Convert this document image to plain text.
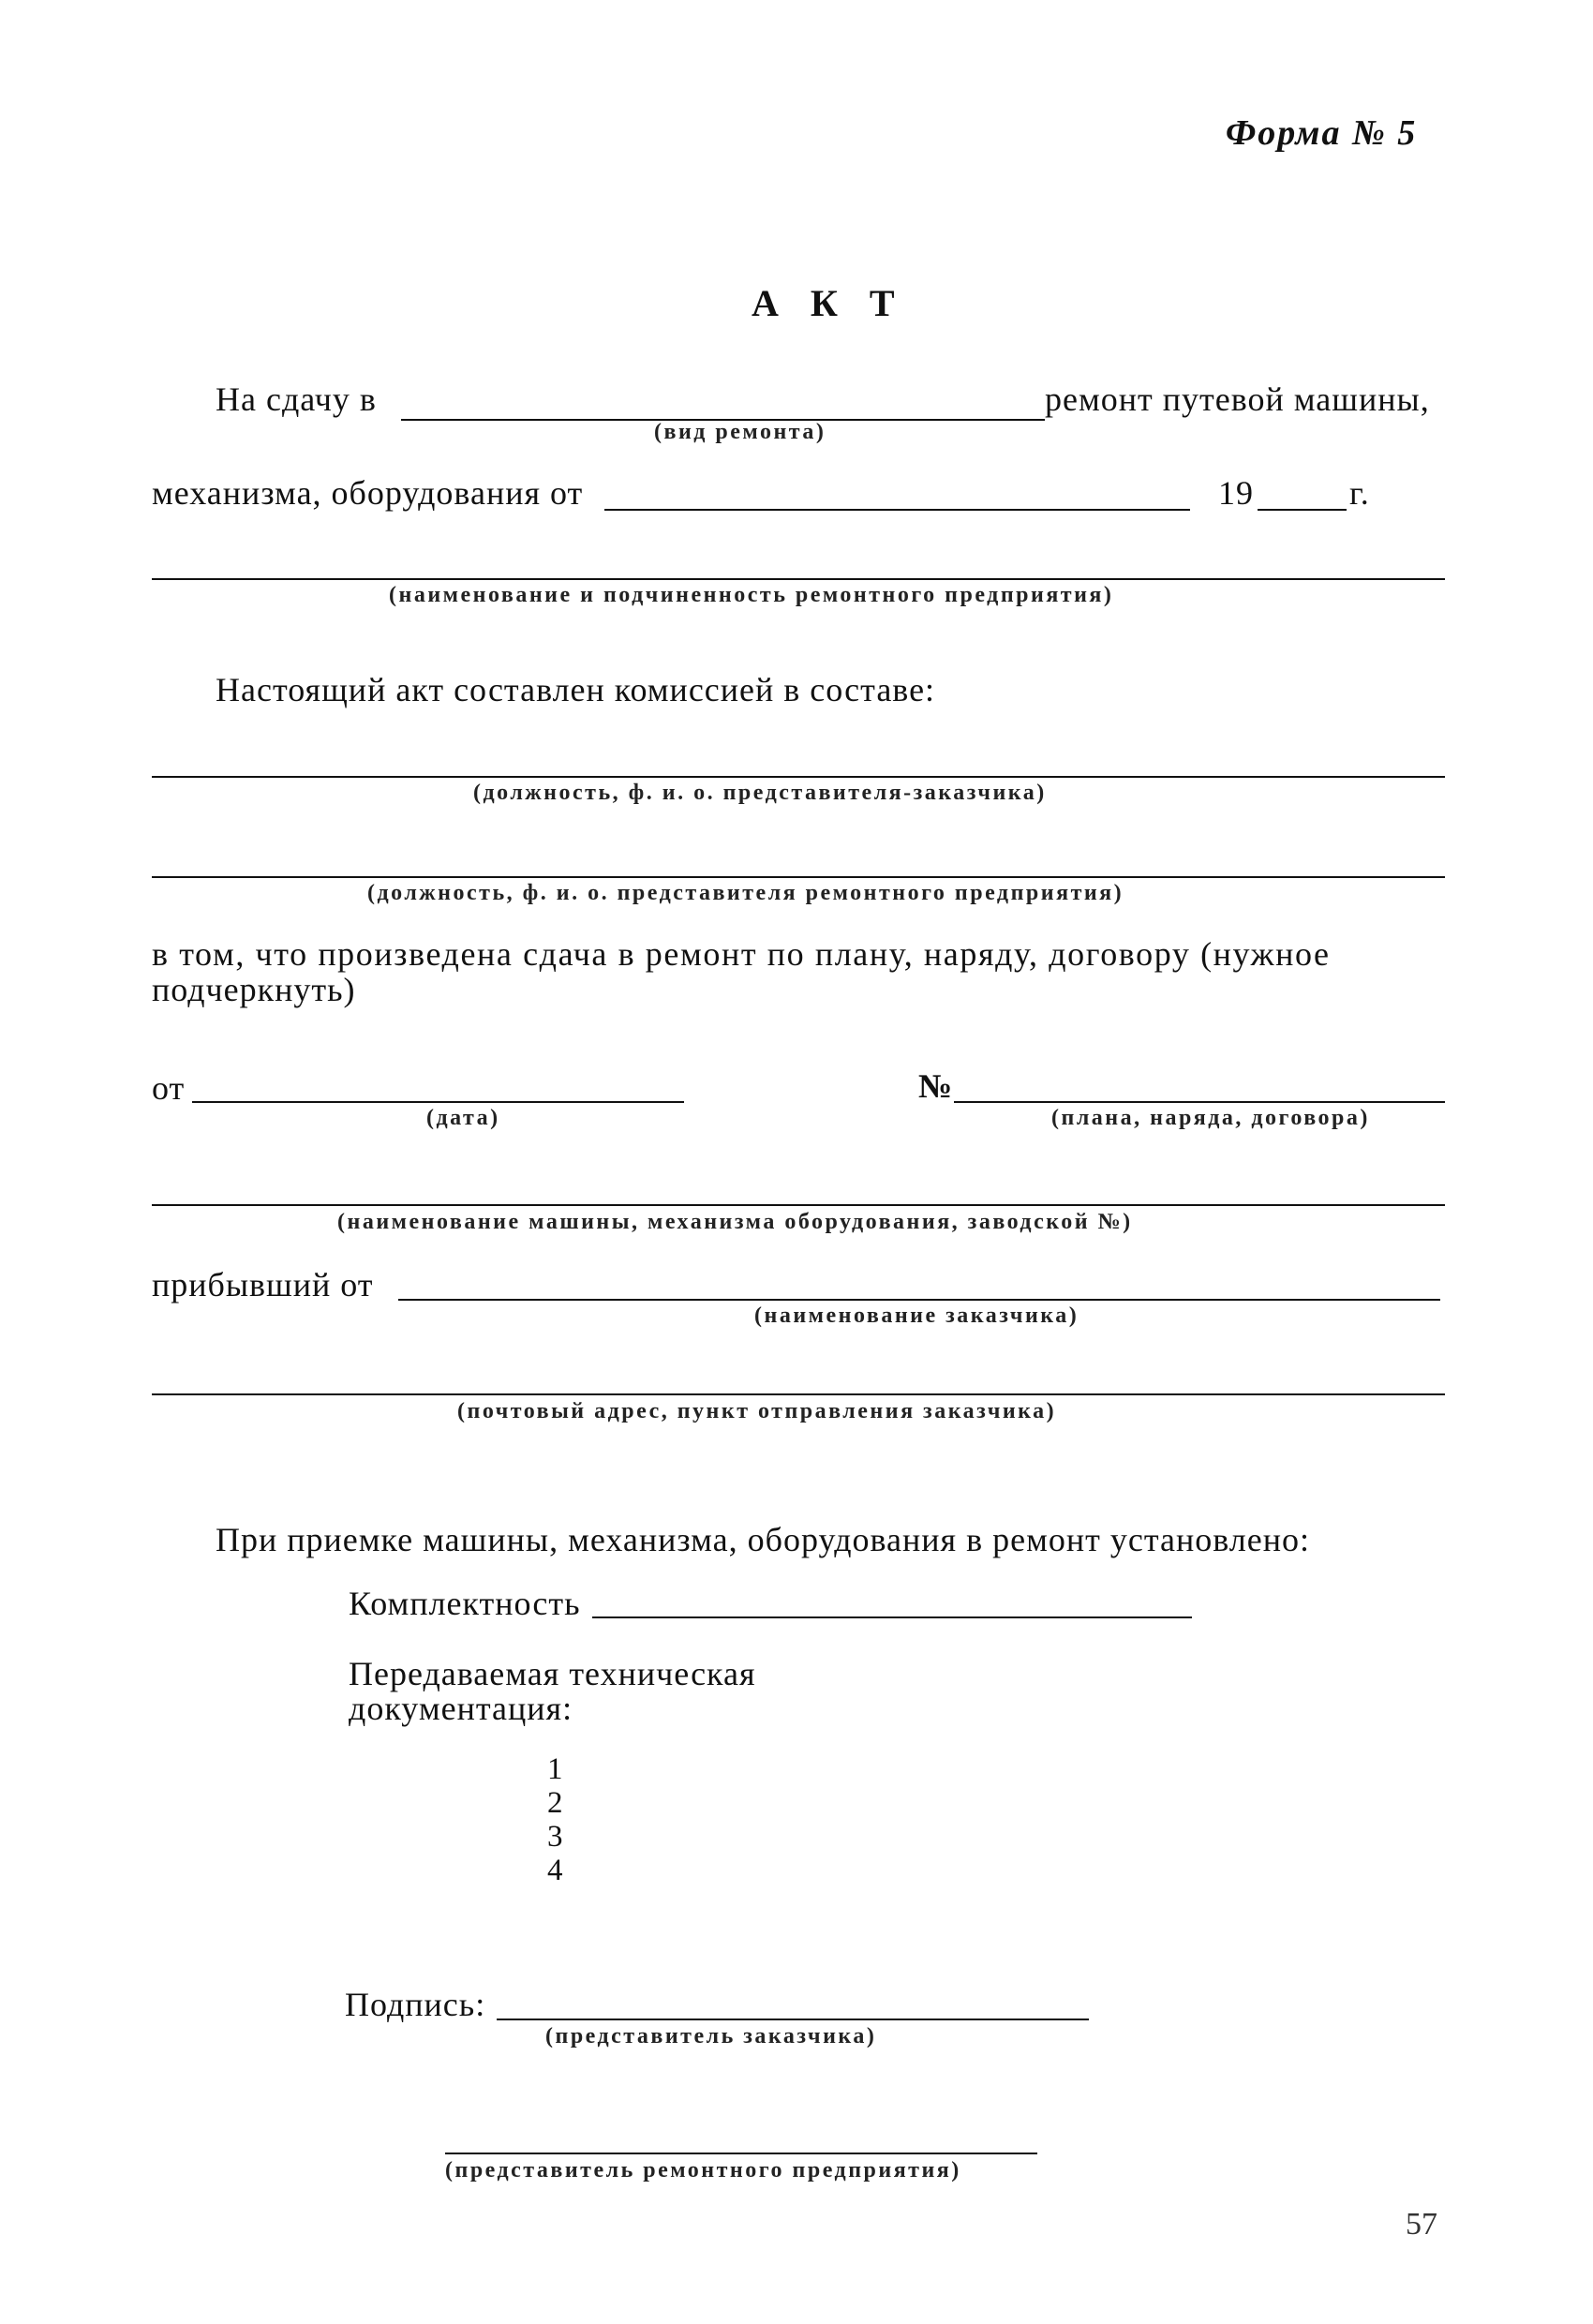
Форма № 5
А К Т
На сдачу в	ремонт путевой машины,
(вид ремонта)
механизма, оборудования от	19	г.
(наименование и подчиненность ремонтного предприятия)
Настоящий акт составлен комиссией в составе:
(должность, ф. и. о. представителя-заказчика)
(должность, ф. и. о. представителя ремонтного предприятия)
в том, что произведена сдача в ремонт по плану, наряду, договору (нужное
подчеркнуть)
от
(дата)
№
(плана, наряда, договора)
(наименование машины, механизма оборудования, заводской №)
прибывший от
(наименование заказчика)
(почтовый адрес, пункт отправления заказчика)
При приемке машины, механизма, оборудования в ремонт установлено:
Комплектность
Передаваемая техническая
документация:
1
2
3
4
Подпись:
(представитель заказчика)
(представитель ремонтного предприятия)
57
